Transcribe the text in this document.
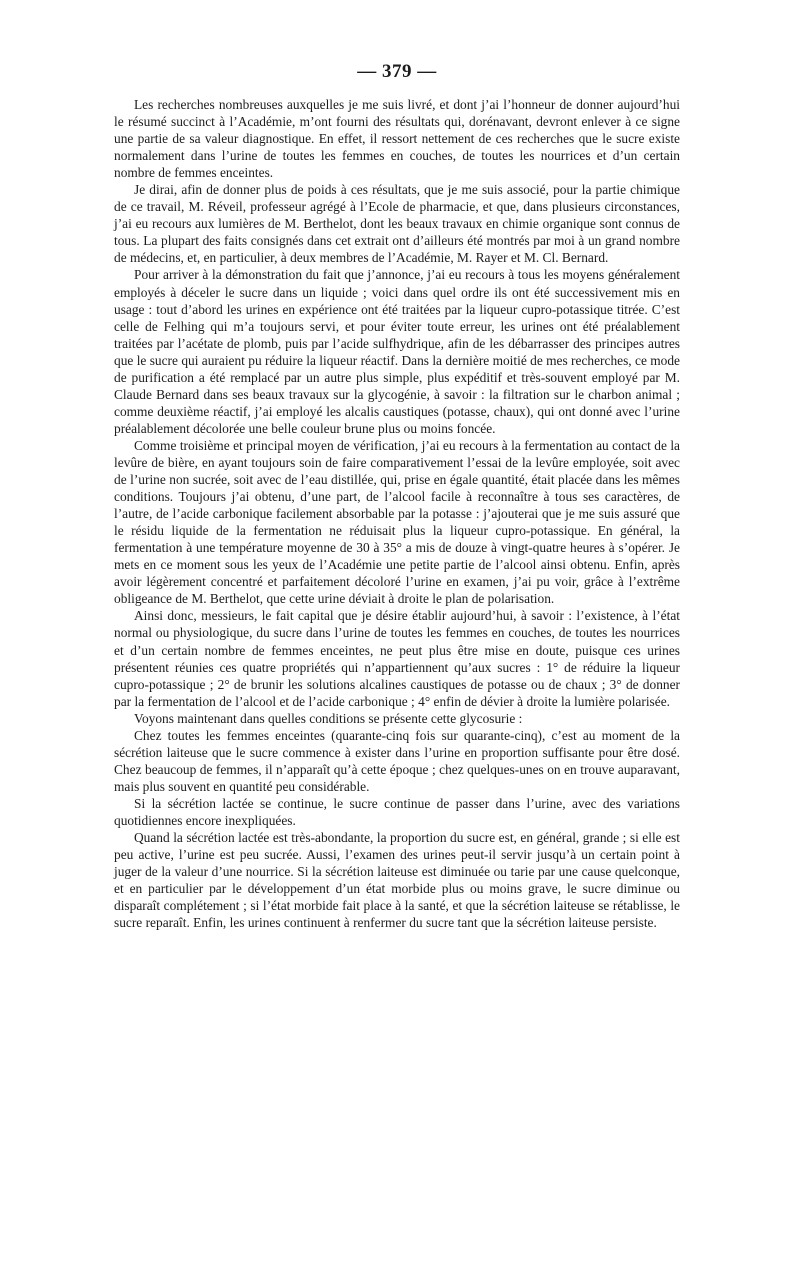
— 379 —

Les recherches nombreuses auxquelles je me suis livré, et dont j’ai l’honneur de donner aujourd’hui le résumé succinct à l’Académie, m’ont fourni des résultats qui, dorénavant, devront enlever à ce signe une partie de sa valeur diagnostique. En effet, il ressort nettement de ces recherches que le sucre existe normalement dans l’urine de toutes les femmes en couches, de toutes les nourrices et d’un certain nombre de femmes enceintes.

Je dirai, afin de donner plus de poids à ces résultats, que je me suis associé, pour la partie chimique de ce travail, M. Réveil, professeur agrégé à l’Ecole de pharmacie, et que, dans plusieurs circonstances, j’ai eu recours aux lumières de M. Berthelot, dont les beaux travaux en chimie organique sont connus de tous. La plupart des faits consignés dans cet extrait ont d’ailleurs été montrés par moi à un grand nombre de médecins, et, en particulier, à deux membres de l’Académie, M. Rayer et M. Cl. Bernard.

Pour arriver à la démonstration du fait que j’annonce, j’ai eu recours à tous les moyens généralement employés à déceler le sucre dans un liquide ; voici dans quel ordre ils ont été successivement mis en usage : tout d’abord les urines en expérience ont été traitées par la liqueur cupro-potassique titrée. C’est celle de Felhing qui m’a toujours servi, et pour éviter toute erreur, les urines ont été préalablement traitées par l’acétate de plomb, puis par l’acide sulfhydrique, afin de les débarrasser des principes autres que le sucre qui auraient pu réduire la liqueur réactif. Dans la dernière moitié de mes recherches, ce mode de purification a été remplacé par un autre plus simple, plus expéditif et très-souvent employé par M. Claude Bernard dans ses beaux travaux sur la glycogénie, à savoir : la filtration sur le charbon animal ; comme deuxième réactif, j’ai employé les alcalis caustiques (potasse, chaux), qui ont donné avec l’urine préalablement décolorée une belle couleur brune plus ou moins foncée.

Comme troisième et principal moyen de vérification, j’ai eu recours à la fermentation au contact de la levûre de bière, en ayant toujours soin de faire comparativement l’essai de la levûre employée, soit avec de l’urine non sucrée, soit avec de l’eau distillée, qui, prise en égale quantité, était placée dans les mêmes conditions. Toujours j’ai obtenu, d’une part, de l’alcool facile à reconnaître à tous ses caractères, de l’autre, de l’acide carbonique facilement absorbable par la potasse : j’ajouterai que je me suis assuré que le résidu liquide de la fermentation ne réduisait plus la liqueur cupro-potassique. En général, la fermentation à une température moyenne de 30 à 35° a mis de douze à vingt-quatre heures à s’opérer. Je mets en ce moment sous les yeux de l’Académie une petite partie de l’alcool ainsi obtenu. Enfin, après avoir légèrement concentré et parfaitement décoloré l’urine en examen, j’ai pu voir, grâce à l’extrême obligeance de M. Berthelot, que cette urine déviait à droite le plan de polarisation.

Ainsi donc, messieurs, le fait capital que je désire établir aujourd’hui, à savoir : l’existence, à l’état normal ou physiologique, du sucre dans l’urine de toutes les femmes en couches, de toutes les nourrices et d’un certain nombre de femmes enceintes, ne peut plus être mise en doute, puisque ces urines présentent réunies ces quatre propriétés qui n’appartiennent qu’aux sucres : 1° de réduire la liqueur cupro-potassique ; 2° de brunir les solutions alcalines caustiques de potasse ou de chaux ; 3° de donner par la fermentation de l’alcool et de l’acide carbonique ; 4° enfin de dévier à droite la lumière polarisée.

Voyons maintenant dans quelles conditions se présente cette glycosurie :

Chez toutes les femmes enceintes (quarante-cinq fois sur quarante-cinq), c’est au moment de la sécrétion laiteuse que le sucre commence à exister dans l’urine en proportion suffisante pour être dosé. Chez beaucoup de femmes, il n’apparaît qu’à cette époque ; chez quelques-unes on en trouve auparavant, mais plus souvent en quantité peu considérable.

Si la sécrétion lactée se continue, le sucre continue de passer dans l’urine, avec des variations quotidiennes encore inexpliquées.

Quand la sécrétion lactée est très-abondante, la proportion du sucre est, en général, grande ; si elle est peu active, l’urine est peu sucrée. Aussi, l’examen des urines peut-il servir jusqu’à un certain point à juger de la valeur d’une nourrice. Si la sécrétion laiteuse est diminuée ou tarie par une cause quelconque, et en particulier par le développement d’un état morbide plus ou moins grave, le sucre diminue ou disparaît complétement ; si l’état morbide fait place à la santé, et que la sécrétion laiteuse se rétablisse, le sucre reparaît. Enfin, les urines continuent à renfermer du sucre tant que la sécrétion laiteuse persiste.
